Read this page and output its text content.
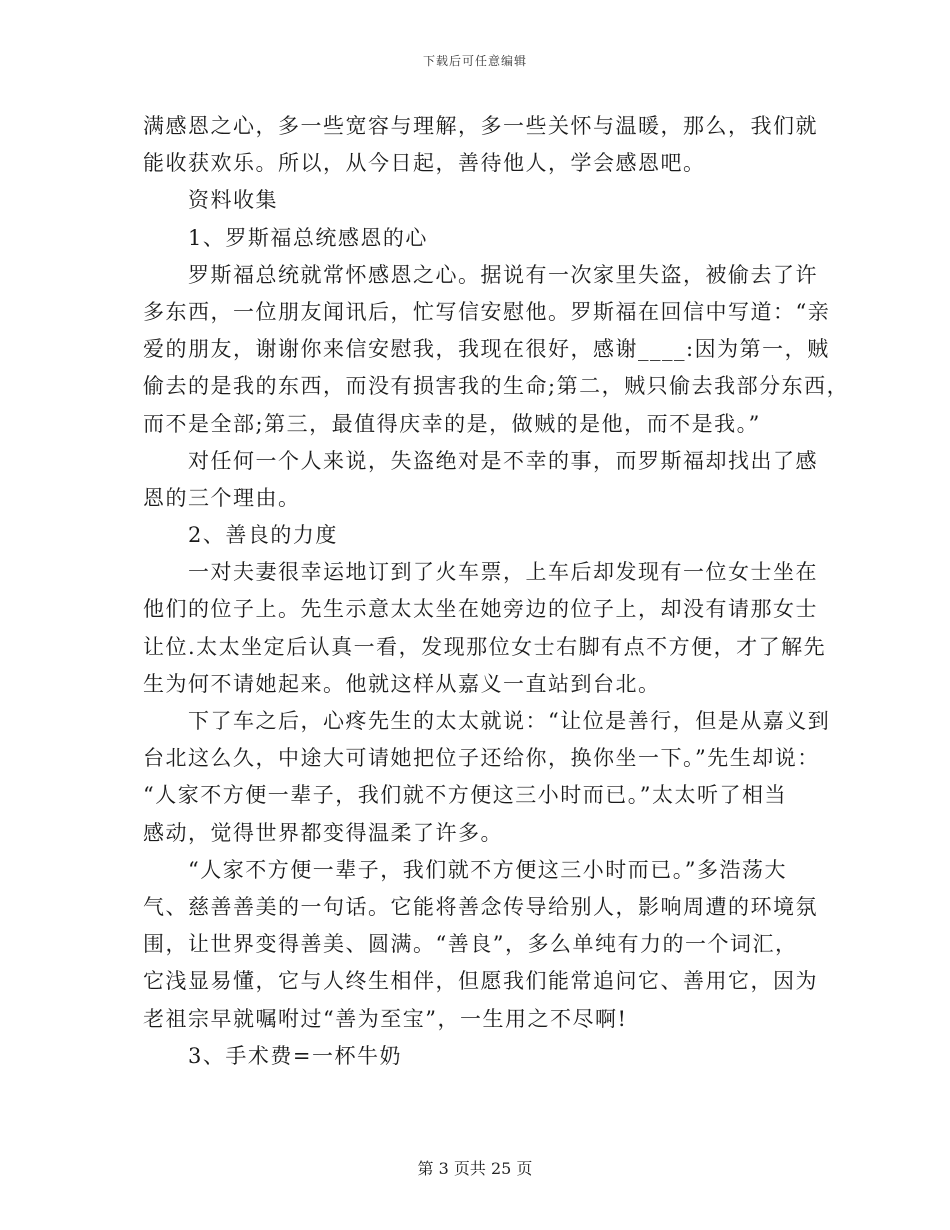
下载后可任意编辑
满感恩之心，多一些宽容与理解，多一些关怀与温暖，那么，我们就
能收获欢乐。所以，从今日起，善待他人，学会感恩吧。
资料收集
1、罗斯福总统感恩的心
罗斯福总统就常怀感恩之心。据说有一次家里失盗，被偷去了许
多东西，一位朋友闻讯后，忙写信安慰他。罗斯福在回信中写道：“亲
爱的朋友，谢谢你来信安慰我，我现在很好，感谢____:因为第一，贼
偷去的是我的东西，而没有损害我的生命;第二，贼只偷去我部分东西，
而不是全部;第三，最值得庆幸的是，做贼的是他，而不是我。”
对任何一个人来说，失盗绝对是不幸的事，而罗斯福却找出了感
恩的三个理由。
2、善良的力度
一对夫妻很幸运地订到了火车票，上车后却发现有一位女士坐在
他们的位子上。先生示意太太坐在她旁边的位子上，却没有请那女士
让位.太太坐定后认真一看，发现那位女士右脚有点不方便，才了解先
生为何不请她起来。他就这样从嘉义一直站到台北。
下了车之后，心疼先生的太太就说：“让位是善行，但是从嘉义到
台北这么久，中途大可请她把位子还给你，换你坐一下。”先生却说：
“人家不方便一辈子，我们就不方便这三小时而已。”太太听了相当
感动，觉得世界都变得温柔了许多。
“人家不方便一辈子，我们就不方便这三小时而已。”多浩荡大
气、慈善善美的一句话。它能将善念传导给别人，影响周遭的环境氛
围，让世界变得善美、圆满。“善良”，多么单纯有力的一个词汇，
它浅显易懂，它与人终生相伴，但愿我们能常追问它、善用它，因为
老祖宗早就嘱咐过“善为至宝”，一生用之不尽啊!
3、手术费=一杯牛奶
第 3 页共 25 页
